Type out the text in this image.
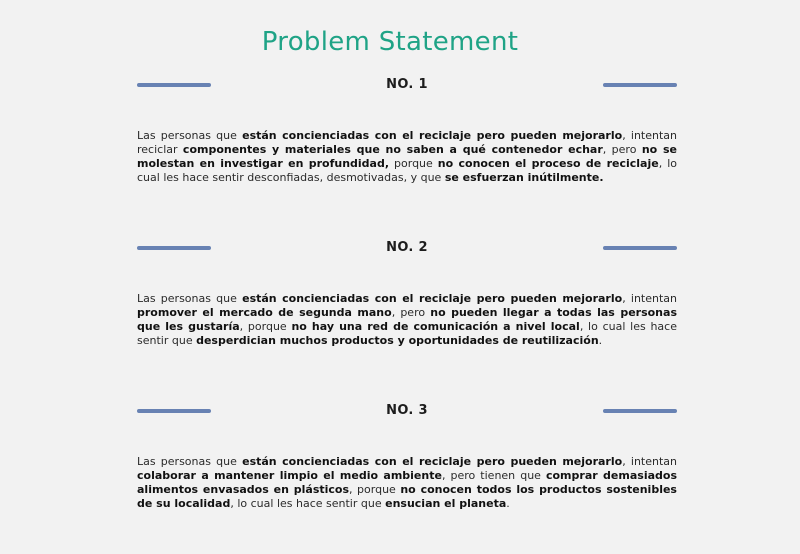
Problem Statement
NO. 1

Las personas que están concienciadas con el reciclaje pero pueden mejorarlo, intentan reciclar componentes y materiales que no saben a qué contenedor echar, pero no se molestan en investigar en profundidad, porque no conocen el proceso de reciclaje, lo cual les hace sentir desconfiadas, desmotivadas, y que se esfuerzan inútilmente.

NO. 2

Las personas que están concienciadas con el reciclaje pero pueden mejorarlo, intentan promover el mercado de segunda mano, pero no pueden llegar a todas las personas que les gustaría, porque no hay una red de comunicación a nivel local, lo cual les hace sentir que desperdician muchos productos y oportunidades de reutilización.

NO. 3

Las personas que están concienciadas con el reciclaje pero pueden mejorarlo, intentan colaborar a mantener limpio el medio ambiente, pero tienen que comprar demasiados alimentos envasados en plásticos, porque no conocen todos los productos sostenibles de su localidad, lo cual les hace sentir que ensucian el planeta.
